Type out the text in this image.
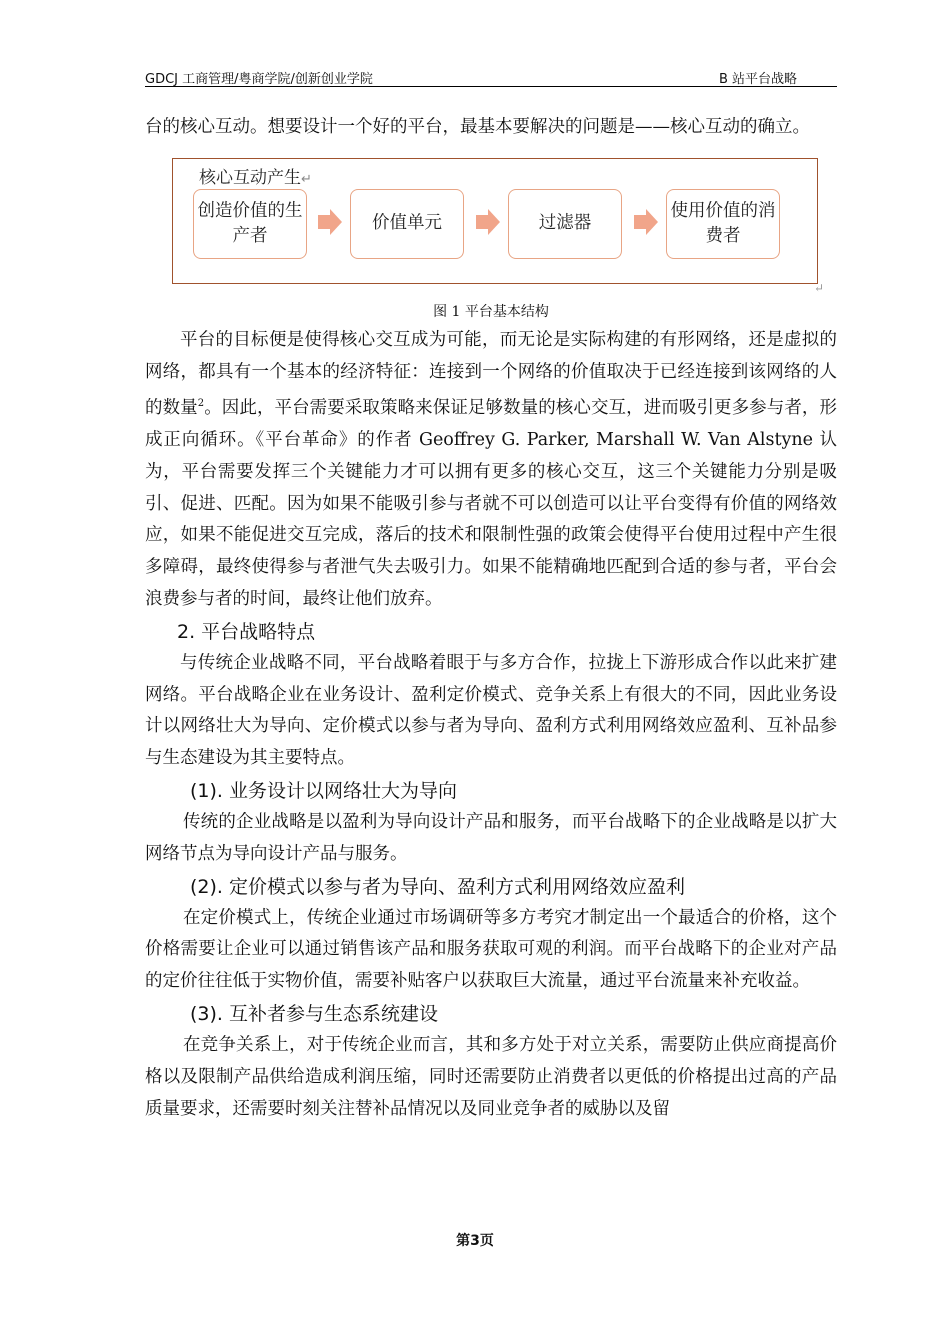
GDCJ 工商管理/粤商学院/创新创业学院	B 站平台战略

台的核心互动。想要设计一个好的平台，最基本要解决的问题是——核心互动的确立。

核心互动产生↵
创造价值的生产者
价值单元	过滤器
使用价值的消费者
↵

图 1 平台基本结构

平台的目标便是使得核心交互成为可能，而无论是实际构建的有形网络，还是虚拟的网络，都具有一个基本的经济特征：连接到一个网络的价值取决于已经连接到该网络的人的数量$^2$。因此，平台需要采取策略来保证足够数量的核心交互，进而吸引更多参与者，形成正向循环。《平台革命》的作者 Geoffrey G. Parker, Marshall W. Van Alstyne 认为，平台需要发挥三个关键能力才可以拥有更多的核心交互，这三个关键能力分别是吸引、促进、匹配。因为如果不能吸引参与者就不可以创造可以让平台变得有价值的网络效应，如果不能促进交互完成，落后的技术和限制性强的政策会使得平台使用过程中产生很多障碍，最终使得参与者泄气失去吸引力。如果不能精确地匹配到合适的参与者，平台会浪费参与者的时间，最终让他们放弃。

2. 平台战略特点

与传统企业战略不同，平台战略着眼于与多方合作，拉拢上下游形成合作以此来扩建网络。平台战略企业在业务设计、盈利定价模式、竞争关系上有很大的不同，因此业务设计以网络壮大为导向、定价模式以参与者为导向、盈利方式利用网络效应盈利、互补品参与生态建设为其主要特点。

(1). 业务设计以网络壮大为导向

传统的企业战略是以盈利为导向设计产品和服务，而平台战略下的企业战略是以扩大网络节点为导向设计产品与服务。

(2). 定价模式以参与者为导向、盈利方式利用网络效应盈利

在定价模式上，传统企业通过市场调研等多方考究才制定出一个最适合的价格，这个价格需要让企业可以通过销售该产品和服务获取可观的利润。而平台战略下的企业对产品的定价往往低于实物价值，需要补贴客户以获取巨大流量，通过平台流量来补充收益。

(3). 互补者参与生态系统建设

在竞争关系上，对于传统企业而言，其和多方处于对立关系，需要防止供应商提高价格以及限制产品供给造成利润压缩，同时还需要防止消费者以更低的价格提出过高的产品质量要求，还需要时刻关注替补品情况以及同业竞争者的威胁以及留

第3页
